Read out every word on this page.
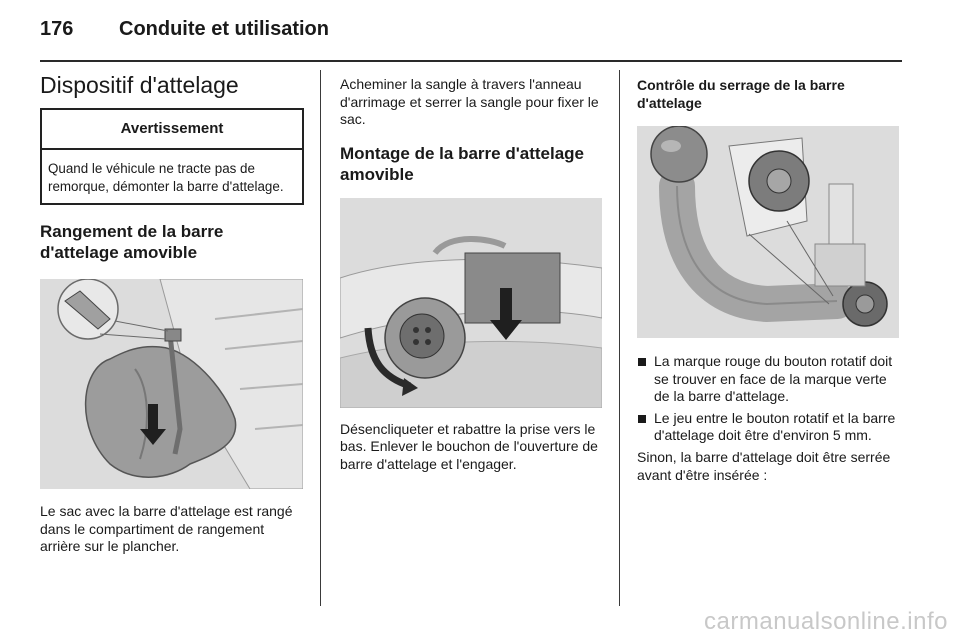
176 Conduite et utilisation
Dispositif d'attelage
Avertissement
Quand le véhicule ne tracte pas de remorque, démonter la barre d'attelage.
Rangement de la barre d'attelage amovible

Le sac avec la barre d'attelage est rangé dans le compartiment de rangement arrière sur le plancher.

Acheminer la sangle à travers l'anneau d'arrimage et serrer la sangle pour fixer le sac.

Montage de la barre d'attelage amovible

Désencliqueter et rabattre la prise vers le bas. Enlever le bouchon de l'ouverture de barre d'attelage et l'engager.

Contrôle du serrage de la barre d'attelage
La marque rouge du bouton rotatif doit se trouver en face de la marque verte de la barre d'attelage.
Le jeu entre le bouton rotatif et la barre d'attelage doit être d'environ 5 mm.

Sinon, la barre d'attelage doit être serrée avant d'être insérée :

carmanualsonline.info
